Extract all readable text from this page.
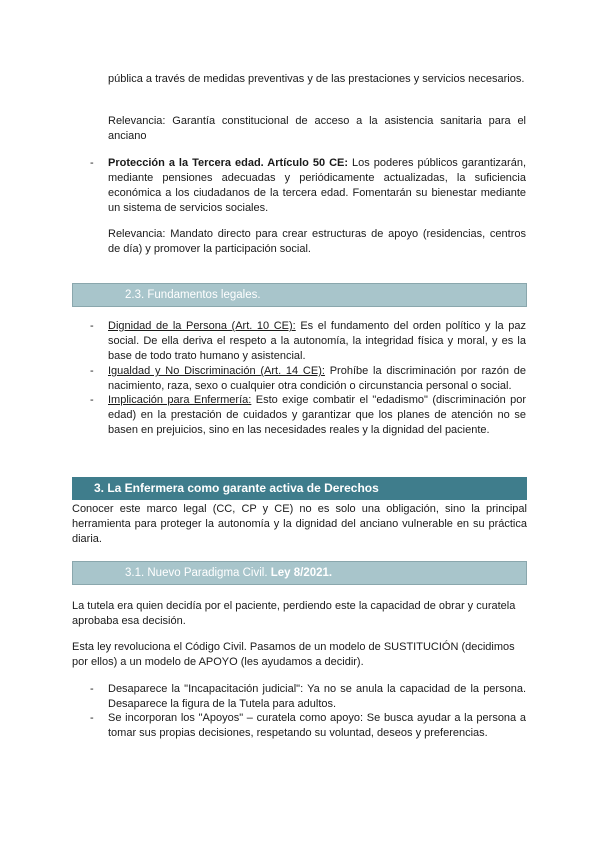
pública a través de medidas preventivas y de las prestaciones y servicios necesarios.

Relevancia: Garantía constitucional de acceso a la asistencia sanitaria para el anciano

- Protección a la Tercera edad. Artículo 50 CE: Los poderes públicos garantizarán, mediante pensiones adecuadas y periódicamente actualizadas, la suficiencia económica a los ciudadanos de la tercera edad. Fomentarán su bienestar mediante un sistema de servicios sociales.

Relevancia: Mandato directo para crear estructuras de apoyo (residencias, centros de día) y promover la participación social.

2.3. Fundamentos legales.
- Dignidad de la Persona (Art. 10 CE): Es el fundamento del orden político y la paz social. De ella deriva el respeto a la autonomía, la integridad física y moral, y es la base de todo trato humano y asistencial.

- Igualdad y No Discriminación (Art. 14 CE): Prohíbe la discriminación por razón de nacimiento, raza, sexo o cualquier otra condición o circunstancia personal o social.

- Implicación para Enfermería: Esto exige combatir el "edadismo" (discriminación por edad) en la prestación de cuidados y garantizar que los planes de atención no se basen en prejuicios, sino en las necesidades reales y la dignidad del paciente.

3. La Enfermera como garante activa de Derechos

Conocer este marco legal (CC, CP y CE) no es solo una obligación, sino la principal herramienta para proteger la autonomía y la dignidad del anciano vulnerable en su práctica diaria.

3.1. Nuevo Paradigma Civil. Ley 8/2021.

La tutela era quien decidía por el paciente, perdiendo este la capacidad de obrar y curatela aprobaba esa decisión.

Esta ley revoluciona el Código Civil. Pasamos de un modelo de SUSTITUCIÓN (decidimos por ellos) a un modelo de APOYO (les ayudamos a decidir).

- Desaparece la "Incapacitación judicial": Ya no se anula la capacidad de la persona. Desaparece la figura de la Tutela para adultos.

- Se incorporan los "Apoyos" – curatela como apoyo: Se busca ayudar a la persona a tomar sus propias decisiones, respetando su voluntad, deseos y preferencias.
